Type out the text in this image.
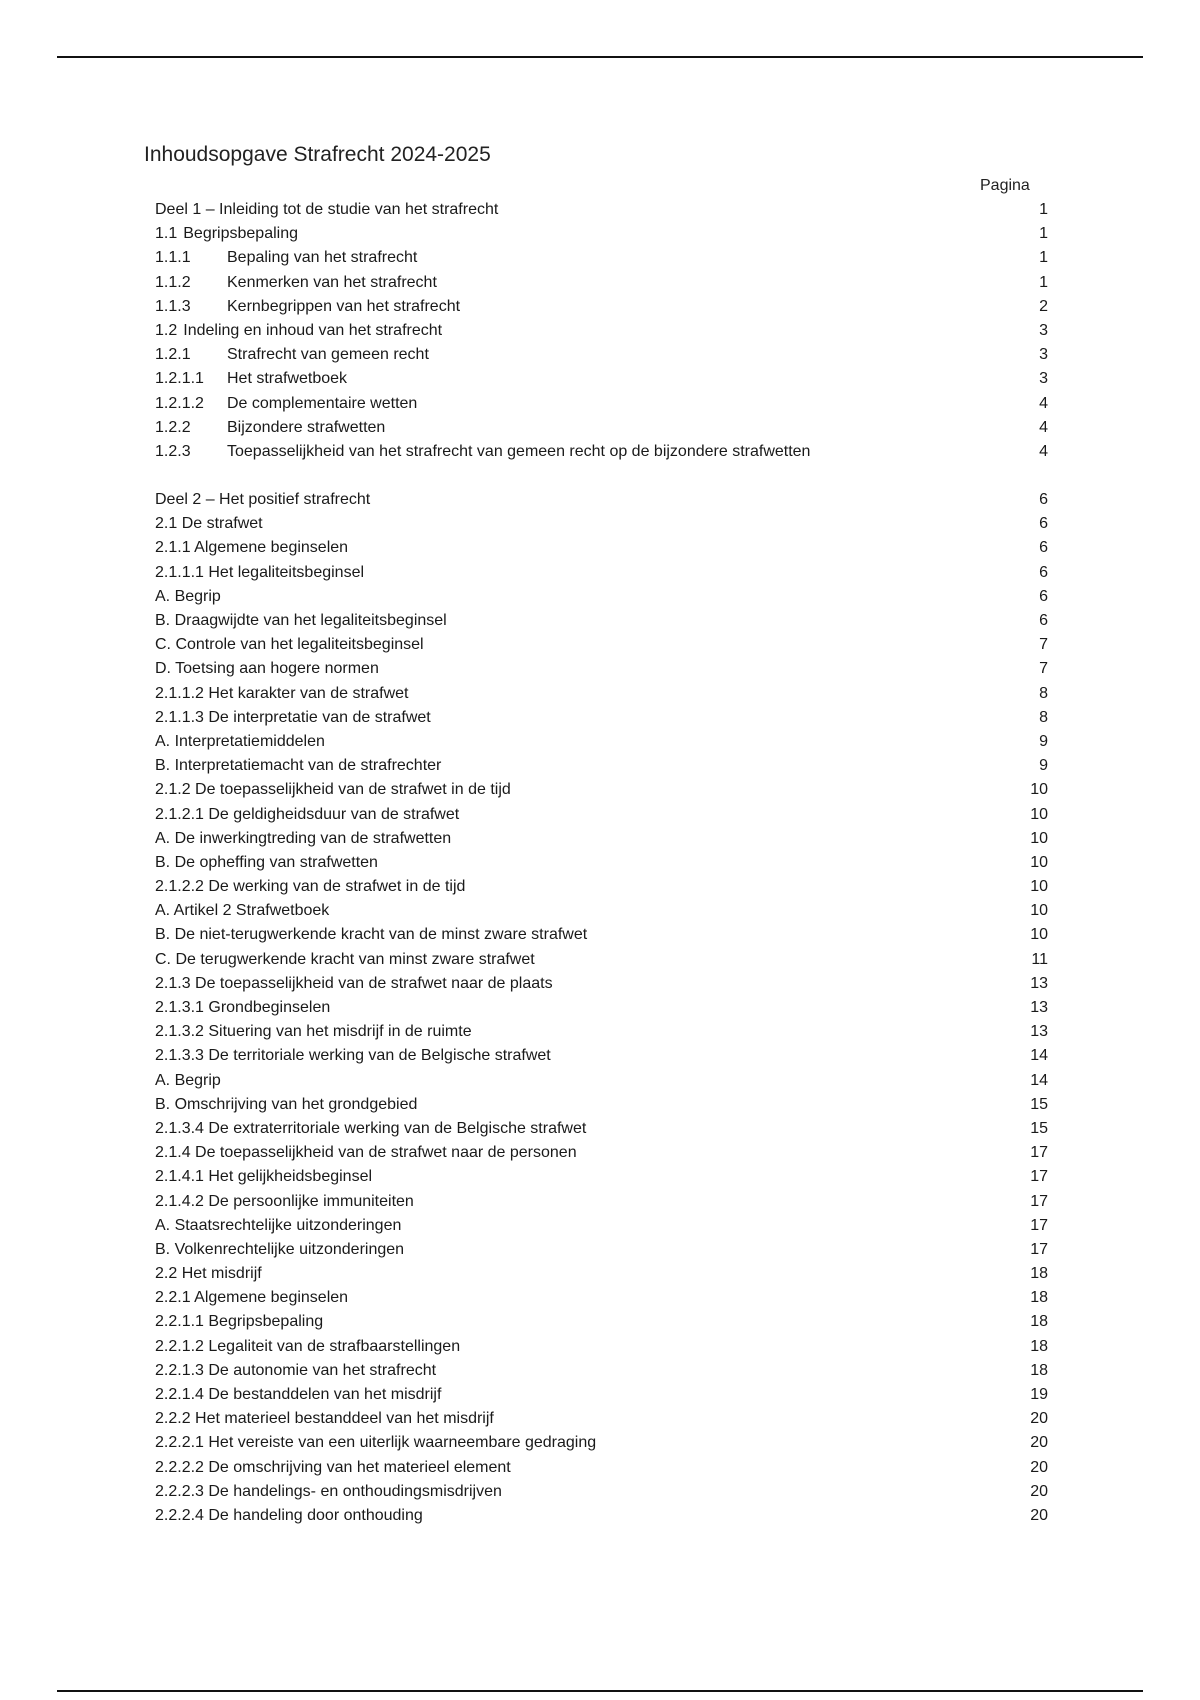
Inhoudsopgave Strafrecht 2024-2025
Pagina
Deel 1 – Inleiding tot de studie van het strafrecht	1
1.1 Begripsbepaling	1
1.1.1 Bepaling van het strafrecht	1
1.1.2 Kenmerken van het strafrecht	1
1.1.3 Kernbegrippen van het strafrecht	2
1.2 Indeling en inhoud van het strafrecht	3
1.2.1 Strafrecht van gemeen recht	3
1.2.1.1 Het strafwetboek	3
1.2.1.2 De complementaire wetten	4
1.2.2 Bijzondere strafwetten	4
1.2.3 Toepasselijkheid van het strafrecht van gemeen recht op de bijzondere strafwetten	4
Deel 2 – Het positief strafrecht	6
2.1 De strafwet	6
2.1.1 Algemene beginselen	6
2.1.1.1 Het legaliteitsbeginsel	6
A. Begrip	6
B. Draagwijdte van het legaliteitsbeginsel	6
C. Controle van het legaliteitsbeginsel	7
D. Toetsing aan hogere normen	7
2.1.1.2 Het karakter van de strafwet	8
2.1.1.3 De interpretatie van de strafwet	8
A. Interpretatiemiddelen	9
B. Interpretatiemacht van de strafrechter	9
2.1.2 De toepasselijkheid van de strafwet in de tijd	10
2.1.2.1 De geldigheidsduur van de strafwet	10
A. De inwerkingtreding van de strafwetten	10
B. De opheffing van strafwetten	10
2.1.2.2 De werking van de strafwet in de tijd	10
A. Artikel 2 Strafwetboek	10
B. De niet-terugwerkende kracht van de minst zware strafwet	10
C. De terugwerkende kracht van minst zware strafwet	11
2.1.3 De toepasselijkheid van de strafwet naar de plaats	13
2.1.3.1 Grondbeginselen	13
2.1.3.2 Situering van het misdrijf in de ruimte	13
2.1.3.3 De territoriale werking van de Belgische strafwet	14
A. Begrip	14
B. Omschrijving van het grondgebied	15
2.1.3.4 De extraterritoriale werking van de Belgische strafwet	15
2.1.4 De toepasselijkheid van de strafwet naar de personen	17
2.1.4.1 Het gelijkheidsbeginsel	17
2.1.4.2 De persoonlijke immuniteiten	17
A. Staatsrechtelijke uitzonderingen	17
B. Volkenrechtelijke uitzonderingen	17
2.2 Het misdrijf	18
2.2.1 Algemene beginselen	18
2.2.1.1 Begripsbepaling	18
2.2.1.2 Legaliteit van de strafbaarstellingen	18
2.2.1.3 De autonomie van het strafrecht	18
2.2.1.4 De bestanddelen van het misdrijf	19
2.2.2 Het materieel bestanddeel van het misdrijf	20
2.2.2.1 Het vereiste van een uiterlijk waarneembare gedraging	20
2.2.2.2 De omschrijving van het materieel element	20
2.2.2.3 De handelings- en onthoudingsmisdrijven	20
2.2.2.4 De handeling door onthouding	20
